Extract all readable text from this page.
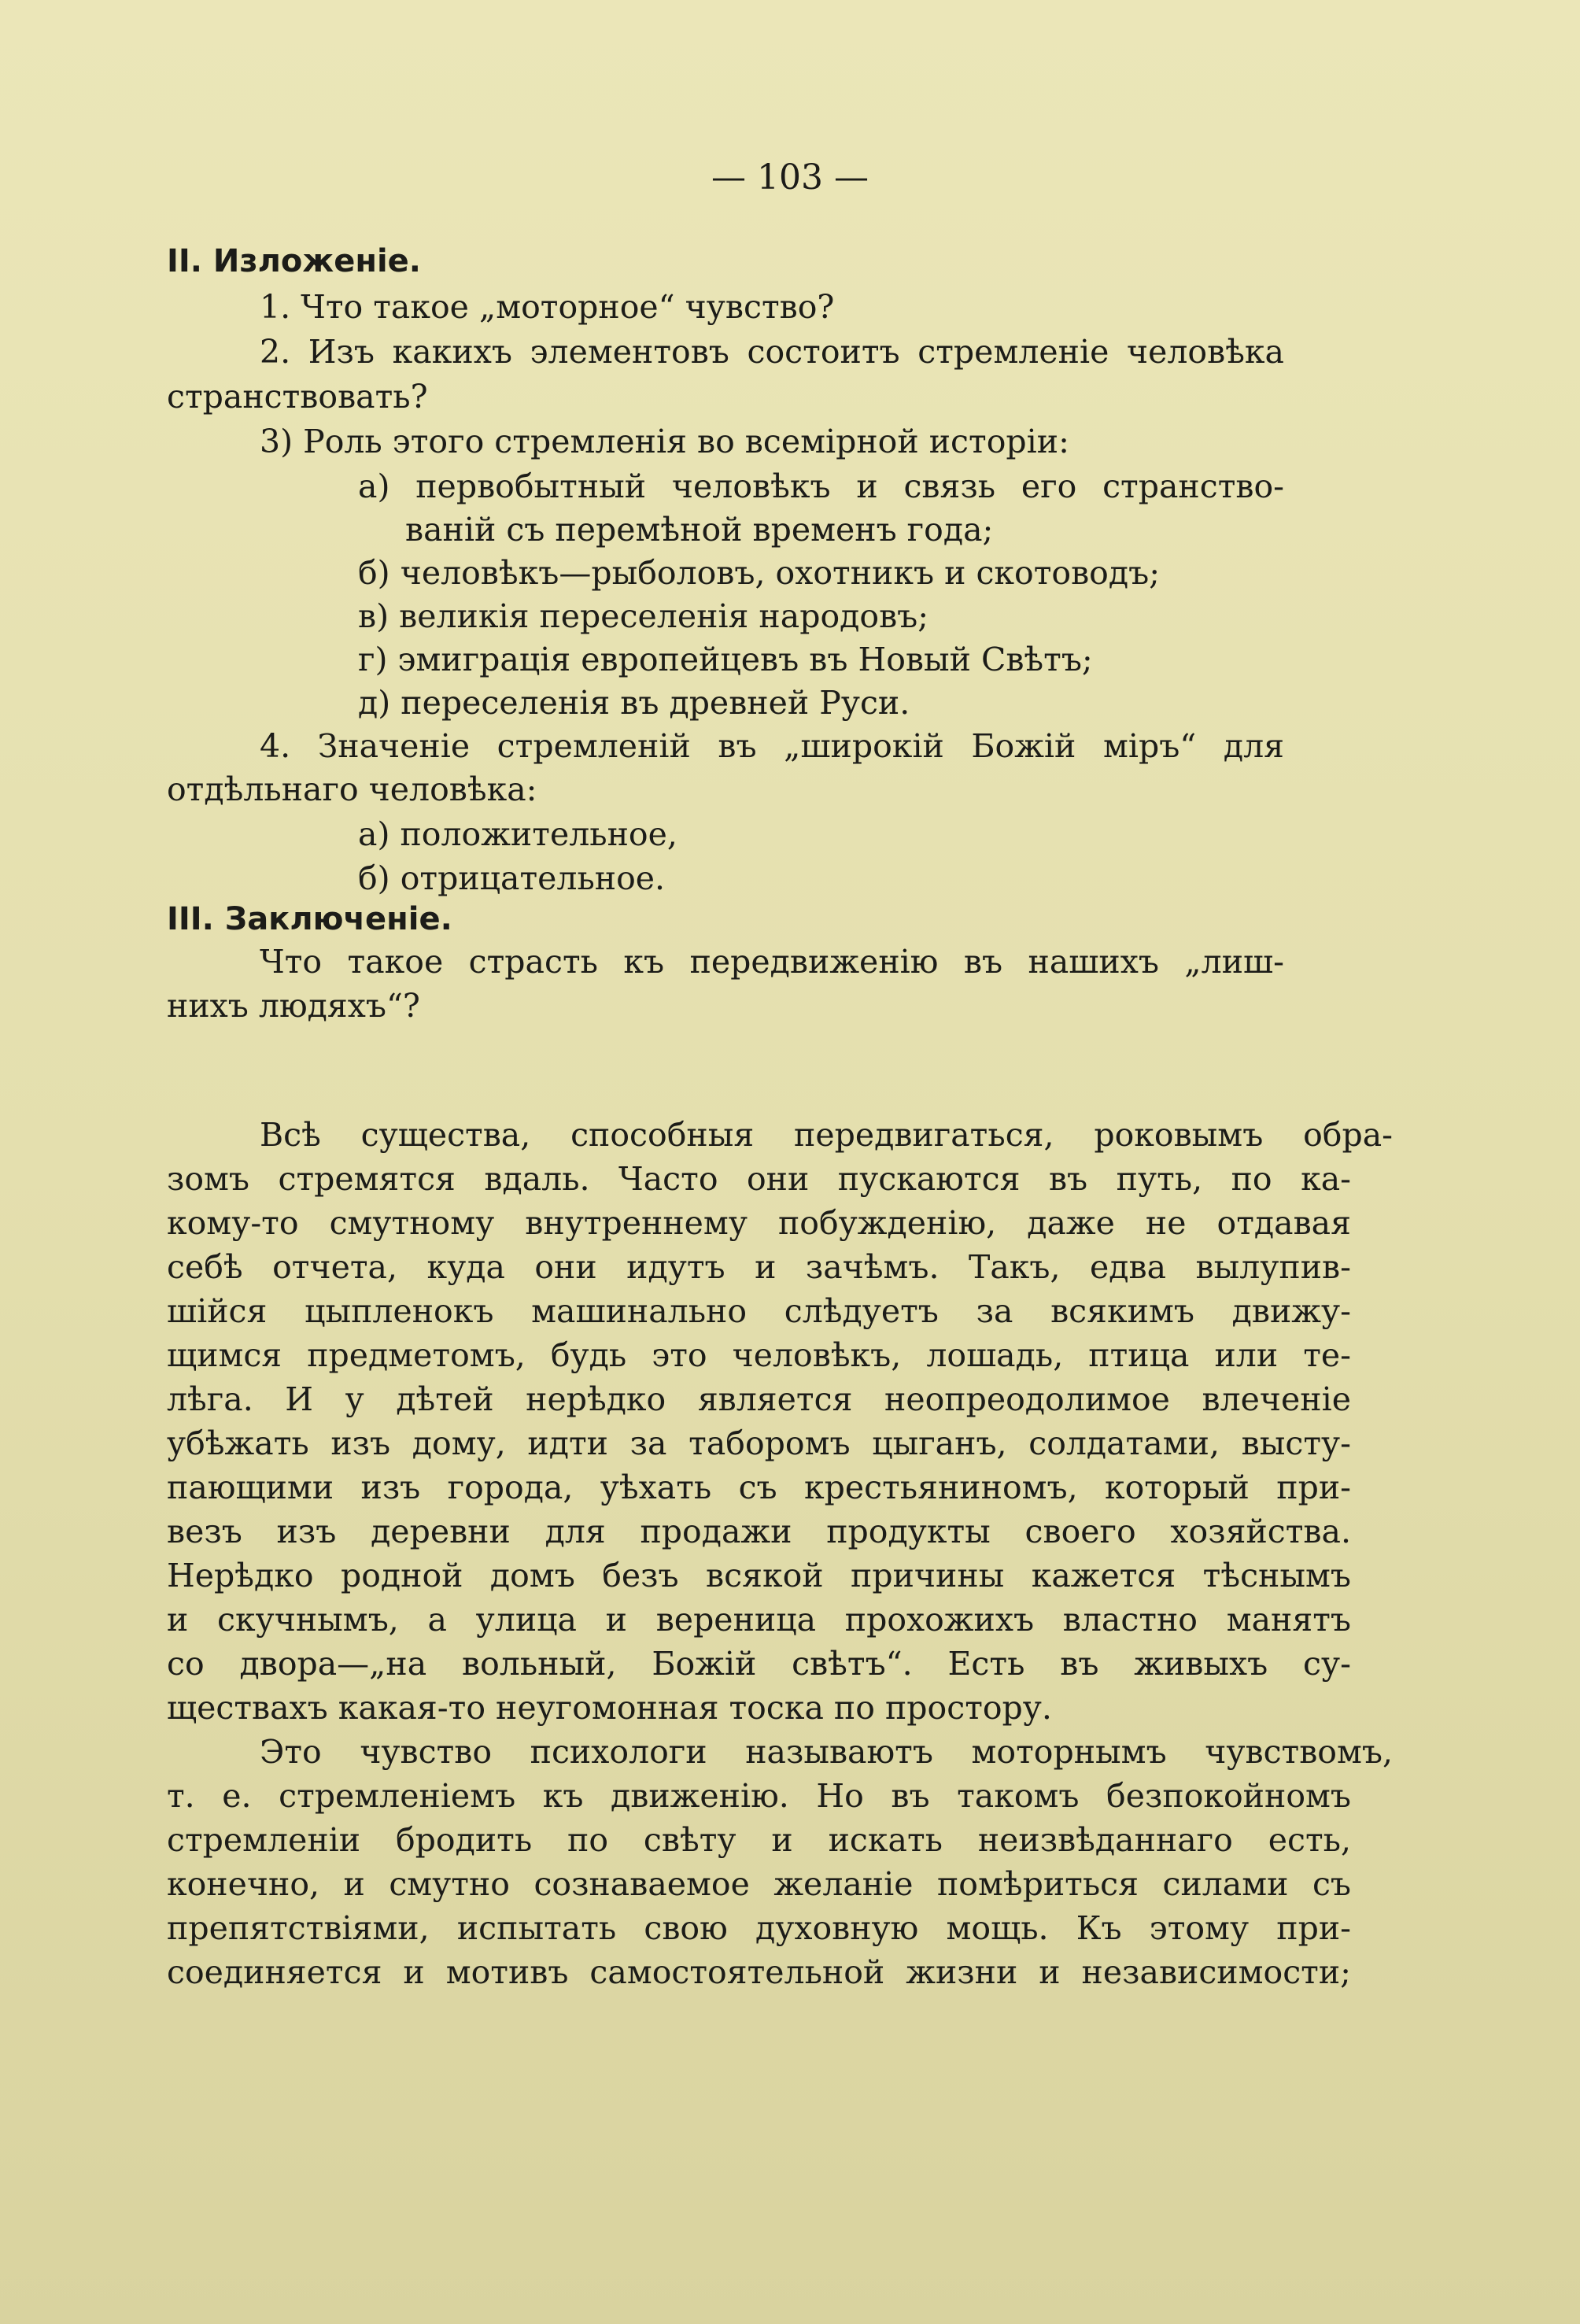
— 103 —
II. Изложенiе.
1. Что такое „моторное“ чувство?
2. Изъ какихъ элементовъ состоитъ стремленiе человѣка
странствовать?
3) Роль этого стремленiя во всемiрной исторiи:
а) первобытный человѣкъ и связь его странство-
ванiй съ перемѣной временъ года;
б) человѣкъ—рыболовъ, охотникъ и скотоводъ;
в) великiя переселенiя народовъ;
г) эмиграцiя европейцевъ въ Новый Свѣтъ;
д) переселенiя въ древней Руси.
4. Значенiе стремленiй въ „широкiй Божiй мiръ“ для
отдѣльнаго человѣка:
а) положительное,
б) отрицательное.
III. Заключенiе.
Что такое страсть къ передвиженiю въ нашихъ „лиш-
нихъ людяхъ“?
Всѣ существа, способныя передвигаться, роковымъ обра-
зомъ стремятся вдаль. Часто они пускаются въ путь, по ка-
кому-то смутному внутреннему побужденiю, даже не отдавая
себѣ отчета, куда они идутъ и зачѣмъ. Такъ, едва вылупив-
шiйся цыпленокъ машинально слѣдуетъ за всякимъ движу-
щимся предметомъ, будь это человѣкъ, лошадь, птица или те-
лѣга. И у дѣтей нерѣдко является неопреодолимое влеченiе
убѣжать изъ дому, идти за таборомъ цыганъ, солдатами, высту-
пающими изъ города, уѣхать съ крестьяниномъ, который при-
везъ изъ деревни для продажи продукты своего хозяйства.
Нерѣдко родной домъ безъ всякой причины кажется тѣснымъ
и скучнымъ, а улица и вереница прохожихъ властно манятъ
со двора—„на вольный, Божiй свѣтъ“. Есть въ живыхъ су-
ществахъ какая-то неугомонная тоска по простору.
Это чувство психологи называютъ моторнымъ чувствомъ,
т. е. стремленiемъ къ движенiю. Но въ такомъ безпокойномъ
стремленiи бродить по свѣту и искать неизвѣданнаго есть,
конечно, и смутно сознаваемое желанiе помѣриться силами съ
препятствiями, испытать свою духовную мощь. Къ этому при-
соединяется и мотивъ самостоятельной жизни и независимости;
